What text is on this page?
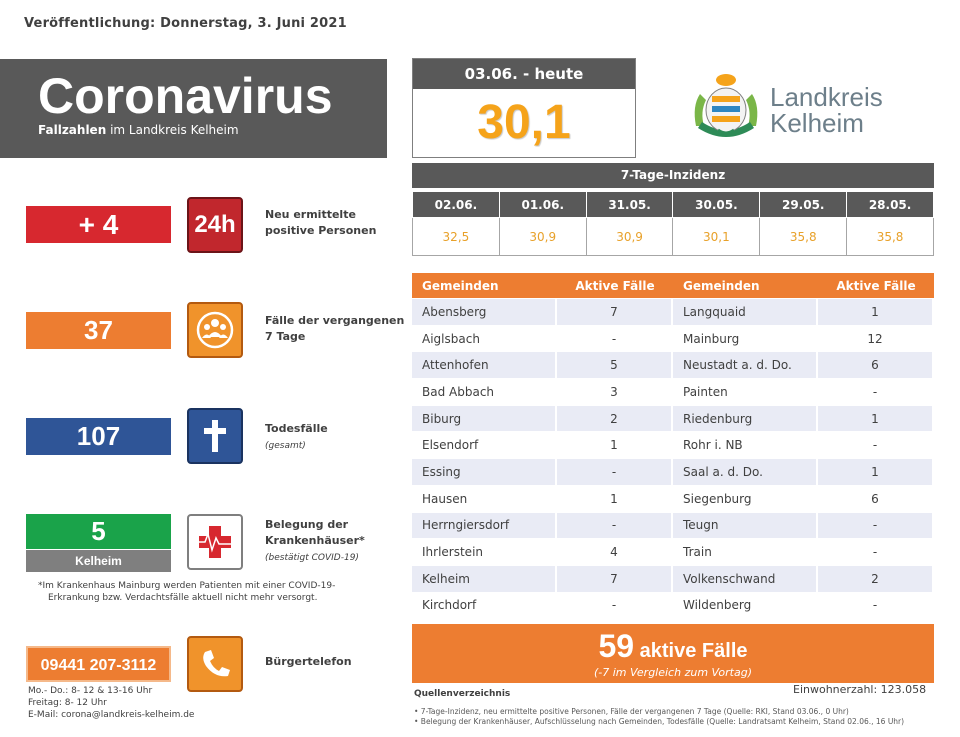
Veröffentlichung: Donnerstag, 3. Juni 2021
Coronavirus
Fallzahlen im Landkreis Kelheim
03.06. - heute
30,1	Landkreis
Kelheim
7-Tage-Inzidenz
02.06.	01.06.	31.05.	30.05.	29.05.	28.05.
32,5	30,9	30,9	30,1	35,8	35,8
+ 4	24h	Neu ermittelte
positive Personen
37	Fälle der vergangenen
7 Tage
107	Todesfälle
(gesamt)
5
Kelheim
Belegung der
Krankenhäuser*
(bestätigt COVID-19)
*Im Krankenhaus Mainburg werden Patienten mit einer COVID-19-
Erkrankung bzw. Verdachtsfälle aktuell nicht mehr versorgt.
09441 207-3112	Bürgertelefon
Mo.- Do.: 8- 12 & 13-16 Uhr
Freitag: 8- 12 Uhr
E-Mail: corona@landkreis-kelheim.de
Gemeinden	Aktive Fälle	Gemeinden	Aktive Fälle
Abensberg	7	Langquaid	1
Aiglsbach	-	Mainburg	12
Attenhofen	5	Neustadt a. d. Do.	6
Bad Abbach	3	Painten	-
Biburg	2	Riedenburg	1
Elsendorf	1	Rohr i. NB	-
Essing	-	Saal a. d. Do.	1
Hausen	1	Siegenburg	6
Herrngiersdorf	-	Teugn	-
Ihrlerstein	4	Train	-
Kelheim	7	Volkenschwand	2
Kirchdorf	-	Wildenberg	-
59 aktive Fälle
(-7 im Vergleich zum Vortag)
Einwohnerzahl: 123.058
Quellenverzeichnis
• 7-Tage-Inzidenz, neu ermittelte positive Personen, Fälle der vergangenen 7 Tage (Quelle: RKI, Stand 03.06., 0 Uhr)
• Belegung der Krankenhäuser, Aufschlüsselung nach Gemeinden, Todesfälle (Quelle: Landratsamt Kelheim, Stand 02.06., 16 Uhr)
